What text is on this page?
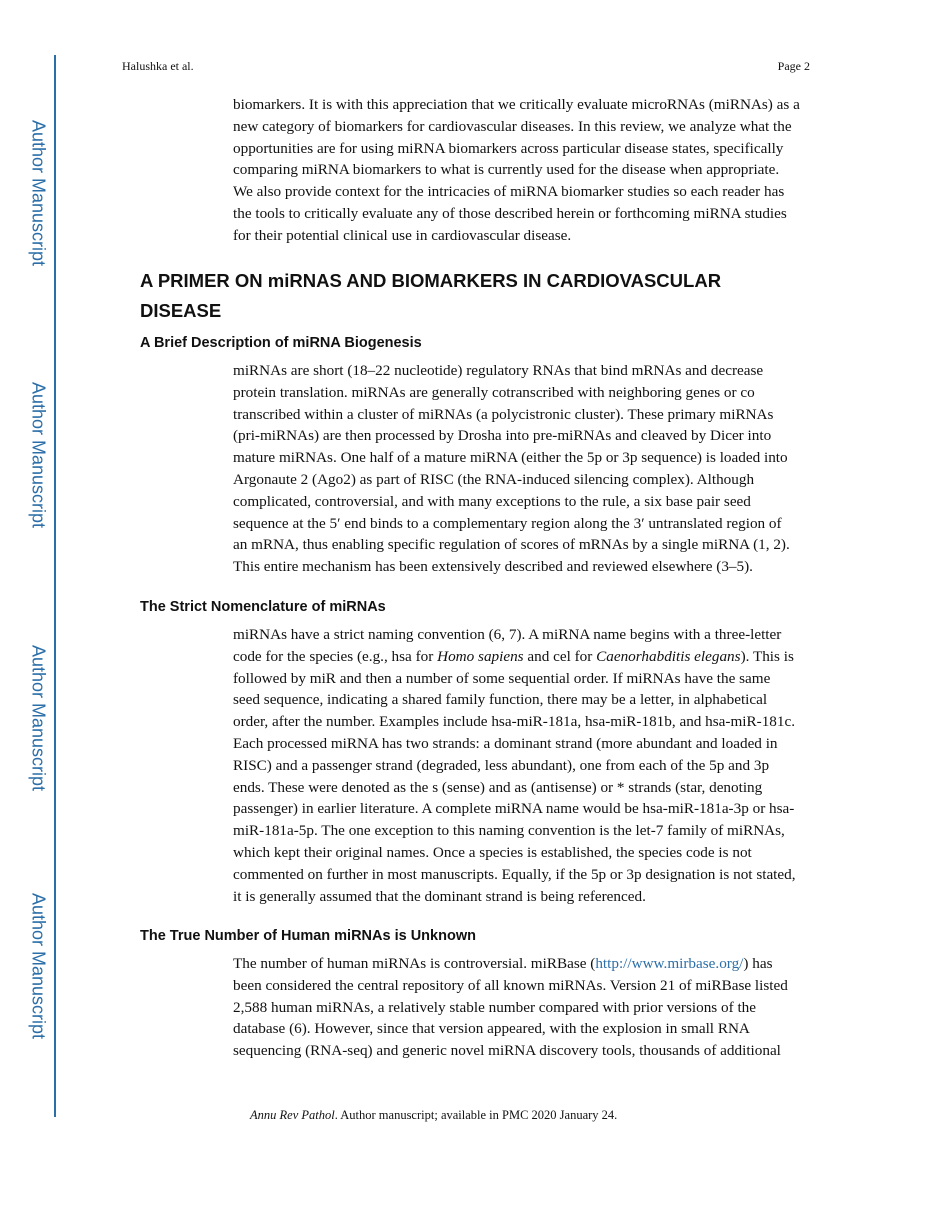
Author Manuscript
Author Manuscript
Author Manuscript
Author Manuscript
Halushka et al.	Page 2

biomarkers. It is with this appreciation that we critically evaluate microRNAs (miRNAs) as a
new category of biomarkers for cardiovascular diseases. In this review, we analyze what the
opportunities are for using miRNA biomarkers across particular disease states, specifically
comparing miRNA biomarkers to what is currently used for the disease when appropriate.
We also provide context for the intricacies of miRNA biomarker studies so each reader has
the tools to critically evaluate any of those described herein or forthcoming miRNA studies
for their potential clinical use in cardiovascular disease.

A PRIMER ON miRNAS AND BIOMARKERS IN CARDIOVASCULAR
DISEASE
A Brief Description of miRNA Biogenesis

miRNAs are short (18–22 nucleotide) regulatory RNAs that bind mRNAs and decrease
protein translation. miRNAs are generally cotranscribed with neighboring genes or co
transcribed within a cluster of miRNAs (a polycistronic cluster). These primary miRNAs
(pri-miRNAs) are then processed by Drosha into pre-miRNAs and cleaved by Dicer into
mature miRNAs. One half of a mature miRNA (either the 5p or 3p sequence) is loaded into
Argonaute 2 (Ago2) as part of RISC (the RNA-induced silencing complex). Although
complicated, controversial, and with many exceptions to the rule, a six base pair seed
sequence at the 5′ end binds to a complementary region along the 3′ untranslated region of
an mRNA, thus enabling specific regulation of scores of mRNAs by a single miRNA (1, 2).
This entire mechanism has been extensively described and reviewed elsewhere (3–5).

The Strict Nomenclature of miRNAs

miRNAs have a strict naming convention (6, 7). A miRNA name begins with a three-letter
code for the species (e.g., hsa for Homo sapiens and cel for Caenorhabditis elegans). This is
followed by miR and then a number of some sequential order. If miRNAs have the same
seed sequence, indicating a shared family function, there may be a letter, in alphabetical
order, after the number. Examples include hsa-miR-181a, hsa-miR-181b, and hsa-miR-181c.
Each processed miRNA has two strands: a dominant strand (more abundant and loaded in
RISC) and a passenger strand (degraded, less abundant), one from each of the 5p and 3p
ends. These were denoted as the s (sense) and as (antisense) or * strands (star, denoting
passenger) in earlier literature. A complete miRNA name would be hsa-miR-181a-3p or hsa-
miR-181a-5p. The one exception to this naming convention is the let-7 family of miRNAs,
which kept their original names. Once a species is established, the species code is not
commented on further in most manuscripts. Equally, if the 5p or 3p designation is not stated,
it is generally assumed that the dominant strand is being referenced.

The True Number of Human miRNAs is Unknown

The number of human miRNAs is controversial. miRBase (http://www.mirbase.org/) has
been considered the central repository of all known miRNAs. Version 21 of miRBase listed
2,588 human miRNAs, a relatively stable number compared with prior versions of the
database (6). However, since that version appeared, with the explosion in small RNA
sequencing (RNA-seq) and generic novel miRNA discovery tools, thousands of additional

Annu Rev Pathol. Author manuscript; available in PMC 2020 January 24.
